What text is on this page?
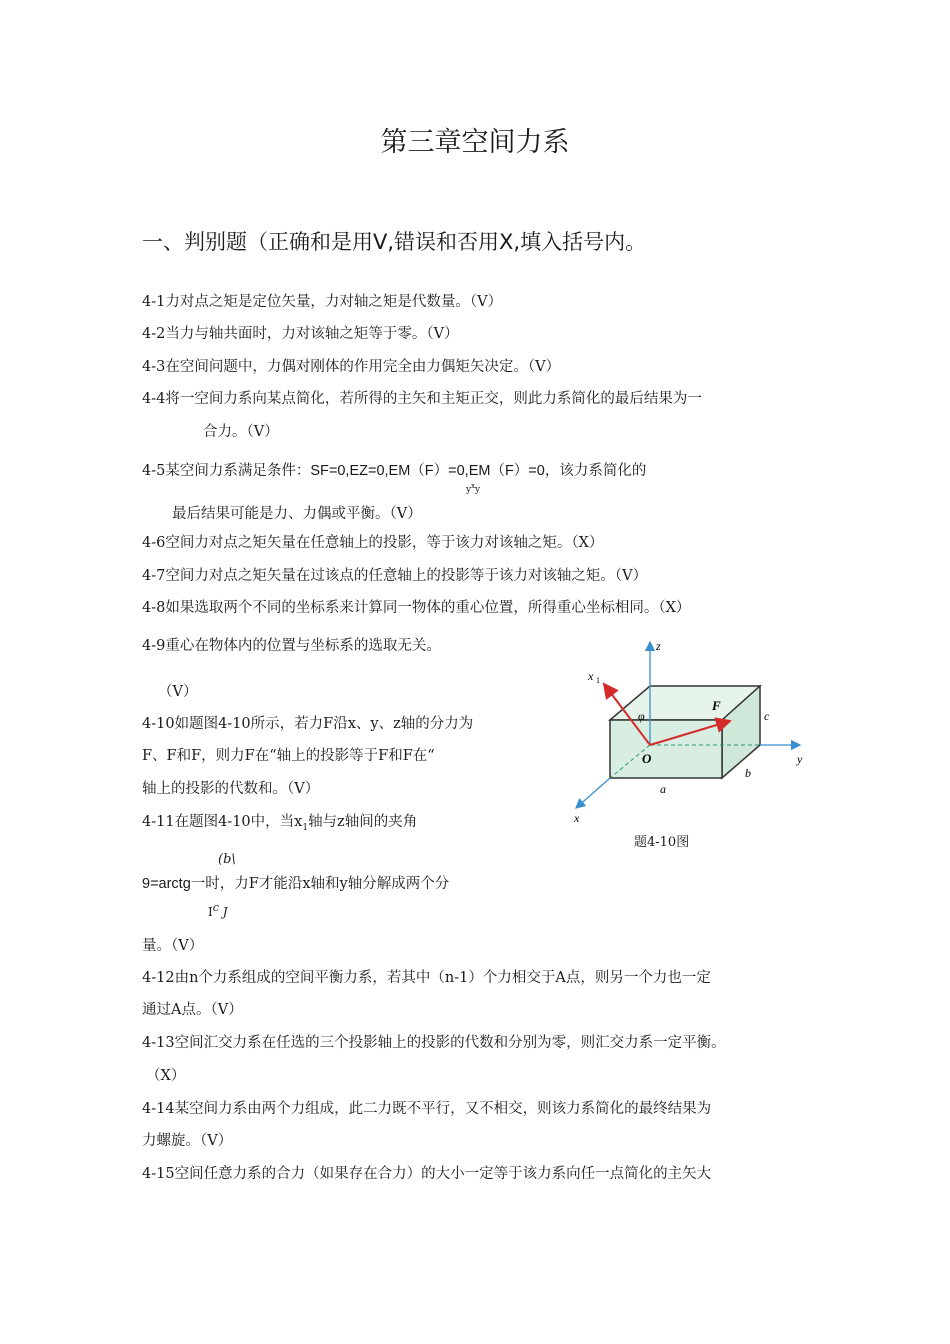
第三章空间力系
一、判别题（正确和是用V,错误和否用X,填入括号内。
4-1力对点之矩是定位矢量，力对轴之矩是代数量。（V）
4-2当力与轴共面时，力对该轴之矩等于零。（V）
4-3在空间问题中，力偶对刚体的作用完全由力偶矩矢决定。（V）
4-4将一空间力系向某点简化，若所得的主矢和主矩正交，则此力系简化的最后结果为一
合力。（V）
4-5某空间力系满足条件：SF=0,EZ=0,EM（F）=0,EM（F）=0，该力系简化的
$y^xy$
最后结果可能是力、力偶或平衡。（V）
4-6空间力对点之矩矢量在任意轴上的投影，等于该力对该轴之矩。（X）
4-7空间力对点之矩矢量在过该点的任意轴上的投影等于该力对该轴之矩。（V）
4-8如果选取两个不同的坐标系来计算同一物体的重心位置，所得重心坐标相同。（X）
4-9重心在物体内的位置与坐标系的选取无关。
（V）
4-10如题图4-10所示，若力F沿x、y、z轴的分力为
F、F和F，则力F在“轴上的投影等于F和F在“
轴上的投影的代数和。（V）
4-11在题图4-10中，当$x_1$轴与z轴间的夹角
(b\
9=arctg一时，力F才能沿x轴和y轴分解成两个分
$I^c$ J
量。（V）
4-12由n个力系组成的空间平衡力系，若其中（n-1）个力相交于A点，则另一个力也一定
通过A点。（V）
4-13空间汇交力系在任选的三个投影轴上的投影的代数和分别为零，则汇交力系一定平衡。
（X）
4-14某空间力系由两个力组成，此二力既不平行，又不相交，则该力系简化的最终结果为
力螺旋。（V）
4-15空间任意力系的合力（如果存在合力）的大小一定等于该力系向任一点简化的主矢大
z
x 1
φ
F
c
y
O
b
a
x
题4-10图
